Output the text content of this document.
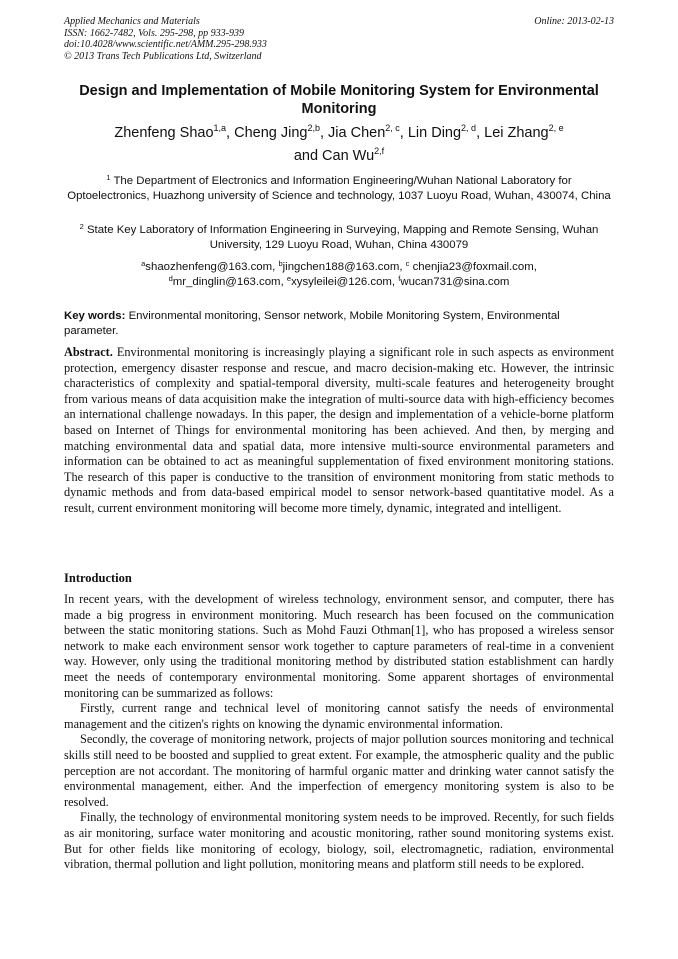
Applied Mechanics and Materials
ISSN: 1662-7482, Vols. 295-298, pp 933-939
doi:10.4028/www.scientific.net/AMM.295-298.933
© 2013 Trans Tech Publications Ltd, Switzerland
Online: 2013-02-13
Design and Implementation of Mobile Monitoring System for Environmental Monitoring
Zhenfeng Shao$^{1,a}$, Cheng Jing$^{2,b}$, Jia Chen$^{2, c}$, Lin Ding$^{2, d}$, Lei Zhang$^{2, e}$
and Can Wu$^{2,f}$
$^1$ The Department of Electronics and Information Engineering/Wuhan National Laboratory for Optoelectronics, Huazhong university of Science and technology, 1037 Luoyu Road, Wuhan, 430074, China
$^2$ State Key Laboratory of Information Engineering in Surveying, Mapping and Remote Sensing, Wuhan University, 129 Luoyu Road, Wuhan, China 430079
$^a$shaozhenfeng@163.com, $^b$jingchen188@163.com, $^c$ chenjia23@foxmail.com,
$^d$mr_dinglin@163.com, $^e$xysyleilei@126.com, $^f$wucan731@sina.com
Key words: Environmental monitoring, Sensor network, Mobile Monitoring System, Environmental parameter.
Abstract. Environmental monitoring is increasingly playing a significant role in such aspects as environment protection, emergency disaster response and rescue, and macro decision-making etc. However, the intrinsic characteristics of complexity and spatial-temporal diversity, multi-scale features and heterogeneity brought from various means of data acquisition make the integration of multi-source data with high-efficiency becomes an international challenge nowadays. In this paper, the design and implementation of a vehicle-borne platform based on Internet of Things for environmental monitoring has been achieved. And then, by merging and matching environmental data and spatial data, more intensive multi-source environmental parameters and information can be obtained to act as meaningful supplementation of fixed environment monitoring stations. The research of this paper is conductive to the transition of environment monitoring from static methods to dynamic methods and from data-based empirical model to sensor network-based quantitative model. As a result, current environment monitoring will become more timely, dynamic, integrated and intelligent.
Introduction

In recent years, with the development of wireless technology, environment sensor, and computer, there has made a big progress in environment monitoring. Much research has been focused on the communication between the static monitoring stations. Such as Mohd Fauzi Othman[1], who has proposed a wireless sensor network to make each environment sensor work together to capture parameters of real-time in a convenient way. However, only using the traditional monitoring method by distributed station establishment can hardly meet the needs of contemporary environmental monitoring. Some apparent shortages of environmental monitoring can be summarized as follows:

Firstly, current range and technical level of monitoring cannot satisfy the needs of environmental management and the citizen's rights on knowing the dynamic environmental information.

Secondly, the coverage of monitoring network, projects of major pollution sources monitoring and technical skills still need to be boosted and supplied to great extent. For example, the atmospheric quality and the public perception are not accordant. The monitoring of harmful organic matter and drinking water cannot satisfy the environmental management, either. And the imperfection of emergency monitoring system is also to be resolved.

Finally, the technology of environmental monitoring system needs to be improved. Recently, for such fields as air monitoring, surface water monitoring and acoustic monitoring, rather sound monitoring systems exist. But for other fields like monitoring of ecology, biology, soil, electromagnetic, radiation, environmental vibration, thermal pollution and light pollution, monitoring means and platform still needs to be explored.
